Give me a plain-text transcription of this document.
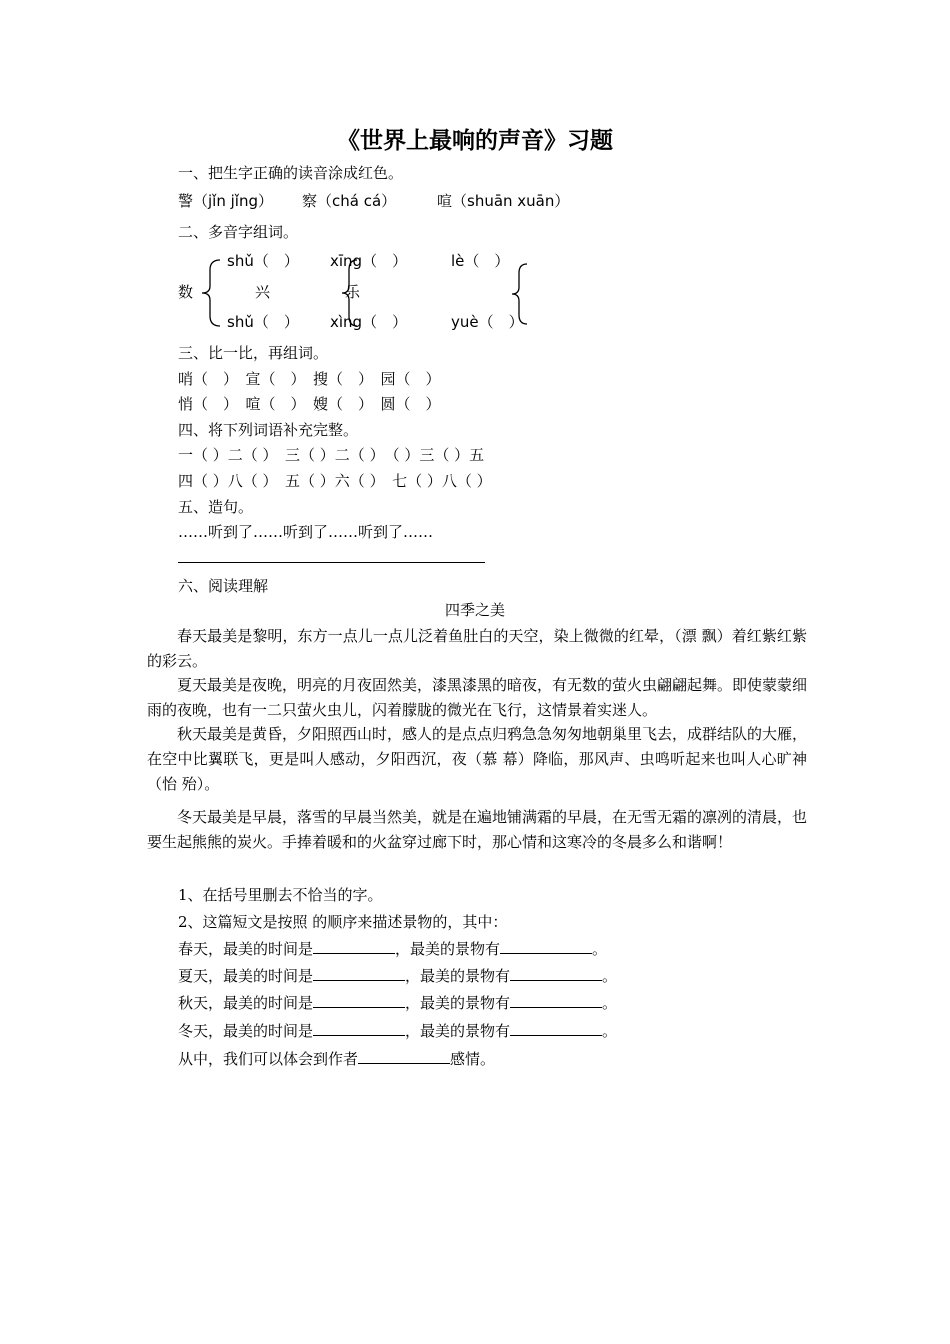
《世界上最响的声音》习题
一、把生字正确的读音涂成红色。
警（jǐn jǐng） 察（chá cá）	喧（shuān xuān）
二、多音字组词。
shǔ（　） xīng（　）	lè（　）
数	兴	乐
shǔ（　） xìng（　）	yuè（　）
三、比一比，再组词。
哨（　）　宣（　）　搜（　）　园（　）
悄（　）　喧（　）　嫂（　）　圆（　）
四、将下列词语补充完整。
一（ ）二（ ）　三（ ）二（ ）　（ ）三（ ）五
四（ ）八（ ）　五（ ）六（ ）　七（ ）八（ ）
五、造句。
……听到了……听到了……听到了……
六、阅读理解
四季之美
春天最美是黎明，东方一点儿一点儿泛着鱼肚白的天空，染上微微的红晕，（漂 飘）着红紫红紫的彩云。
夏天最美是夜晚，明亮的月夜固然美，漆黑漆黑的暗夜，有无数的萤火虫翩翩起舞。即使蒙蒙细雨的夜晚，也有一二只萤火虫儿，闪着朦胧的微光在飞行，这情景着实迷人。
秋天最美是黄昏，夕阳照西山时，感人的是点点归鸦急急匆匆地朝巢里飞去，成群结队的大雁，在空中比翼联飞，更是叫人感动，夕阳西沉，夜（慕 幕）降临，那风声、虫鸣听起来也叫人心旷神（怡 殆）。
冬天最美是早晨，落雪的早晨当然美，就是在遍地铺满霜的早晨，在无雪无霜的凛冽的清晨，也要生起熊熊的炭火。手捧着暖和的火盆穿过廊下时，那心情和这寒冷的冬晨多么和谐啊！
1、在括号里删去不恰当的字。
2、这篇短文是按照 的顺序来描述景物的，其中：
春天，最美的时间是	，最美的景物有	。
夏天，最美的时间是	，最美的景物有	。
秋天，最美的时间是	，最美的景物有	。
冬天，最美的时间是	，最美的景物有	。
从中，我们可以体会到作者	感情。
